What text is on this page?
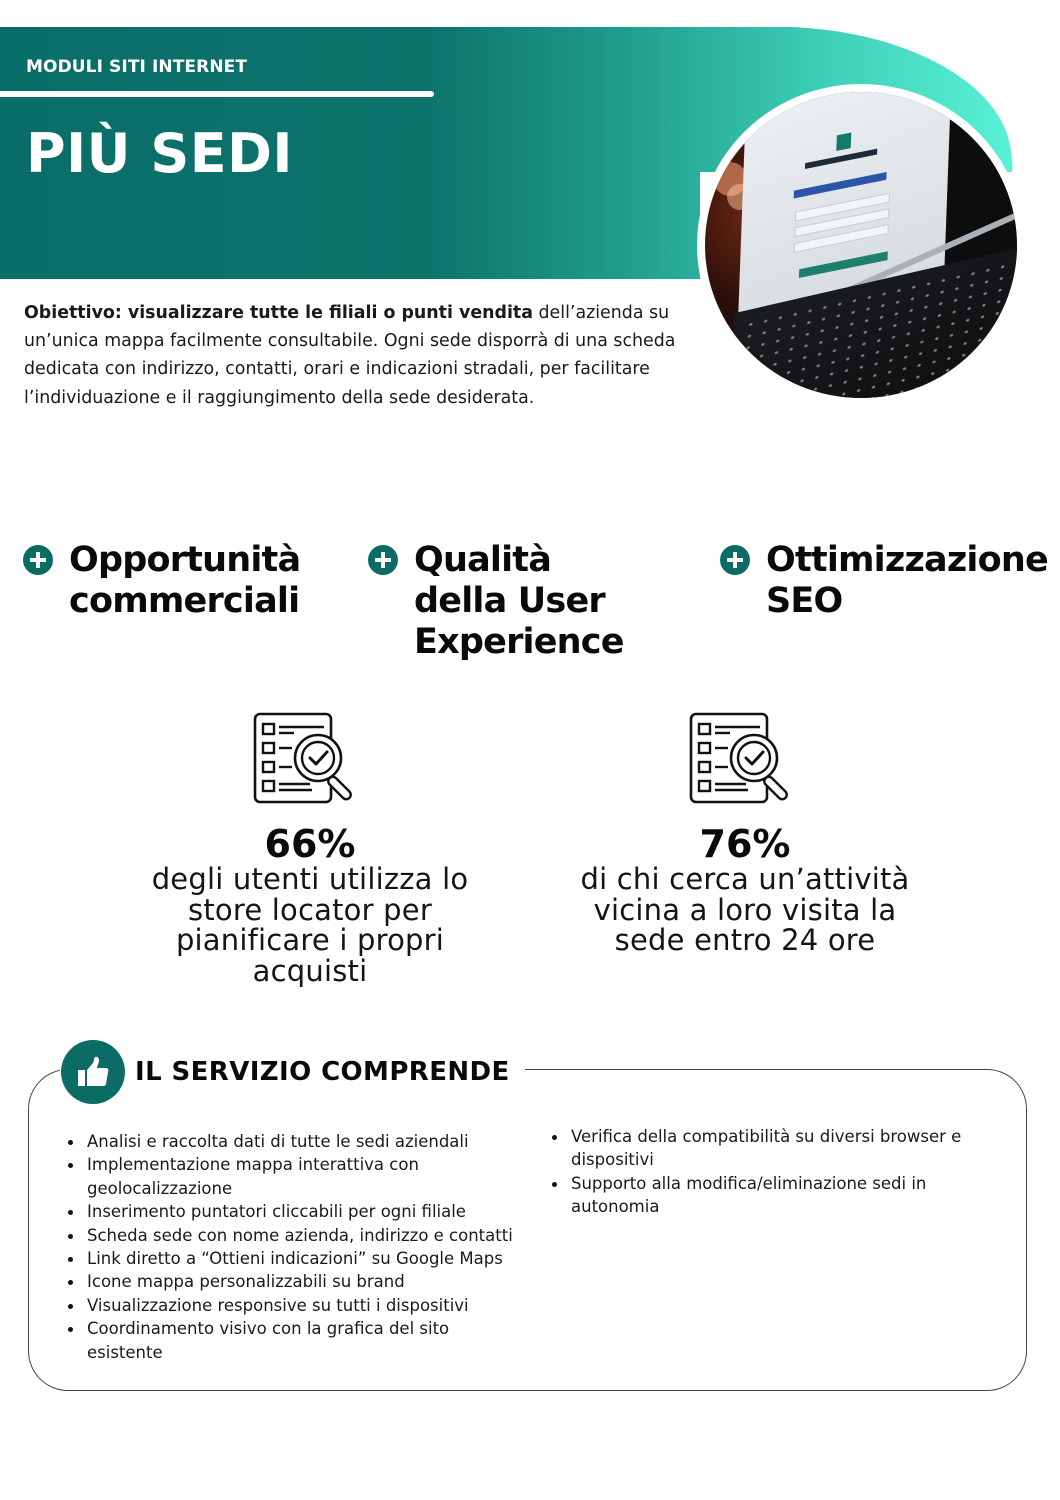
MODULI SITI INTERNET
PIÙ SEDI

Obiettivo: visualizzare tutte le filiali o punti vendita dell’azienda su un’unica mappa facilmente consultabile. Ogni sede disporrà di una scheda dedicata con indirizzo, contatti, orari e indicazioni stradali, per facilitare l’individuazione e il raggiungimento della sede desiderata.

Opportunità commerciali
Qualità della User Experience
Ottimizzazione SEO
66%
degli utenti utilizza lo
store locator per
pianificare i propri
acquisti
76%
di chi cerca un’attività
vicina a loro visita la
sede entro 24 ore
IL SERVIZIO COMPRENDE
Analisi e raccolta dati di tutte le sedi aziendali
Implementazione mappa interattiva con geolocalizzazione
Inserimento puntatori cliccabili per ogni filiale
Scheda sede con nome azienda, indirizzo e contatti
Link diretto a “Ottieni indicazioni” su Google Maps
Icone mappa personalizzabili su brand
Visualizzazione responsive su tutti i dispositivi
Coordinamento visivo con la grafica del sito esistente
Verifica della compatibilità su diversi browser e dispositivi
Supporto alla modifica/eliminazione sedi in autonomia
